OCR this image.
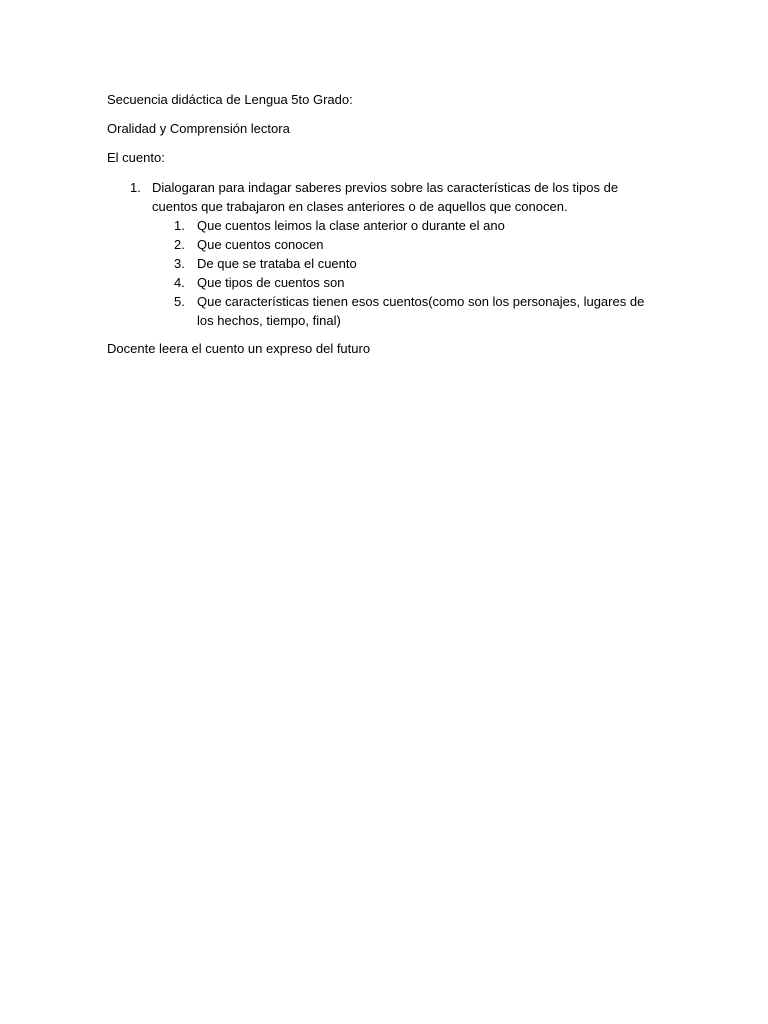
Secuencia didáctica de Lengua 5to Grado:
Oralidad y Comprensión lectora
El cuento:
1. Dialogaran para indagar saberes previos sobre las características de los tipos de cuentos que trabajaron en clases anteriores o de aquellos que conocen.
1. Que cuentos leimos la clase anterior o durante el ano
2. Que cuentos conocen
3. De que se trataba el cuento
4. Que tipos de cuentos son
5. Que características tienen esos cuentos(como son los personajes, lugares de los hechos, tiempo, final)
Docente leera el cuento un expreso del futuro
